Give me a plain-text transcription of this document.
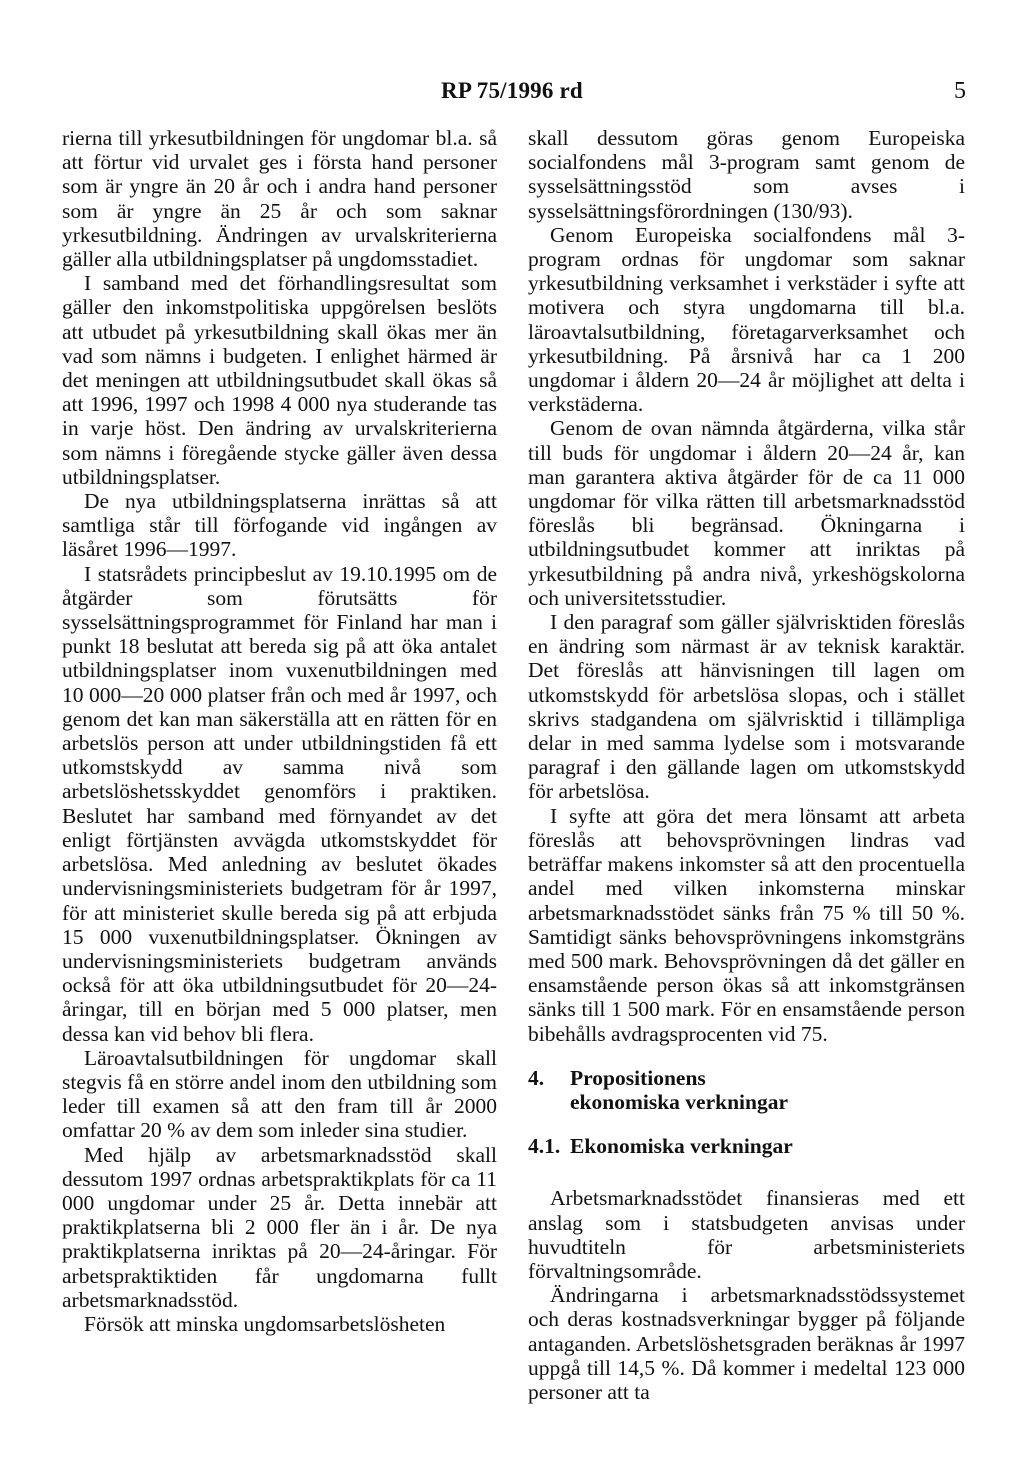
RP 75/1996 rd	5

rierna till yrkesutbildningen för ungdomar bl.a. så att förtur vid urvalet ges i första hand personer som är yngre än 20 år och i andra hand personer som är yngre än 25 år och som saknar yrkesutbildning. Ändringen av urvalskriterierna gäller alla utbildningsplatser på ungdomsstadiet.

I samband med det förhandlingsresultat som gäller den inkomstpolitiska uppgörelsen beslöts att utbudet på yrkesutbildning skall ökas mer än vad som nämns i budgeten. I enlighet härmed är det meningen att utbildningsutbudet skall ökas så att 1996, 1997 och 1998 4 000 nya studerande tas in varje höst. Den ändring av urvalskriterierna som nämns i föregående stycke gäller även dessa utbildningsplatser.

De nya utbildningsplatserna inrättas så att samtliga står till förfogande vid ingången av läsåret 1996—1997.

I statsrådets principbeslut av 19.10.1995 om de åtgärder som förutsätts för sysselsättningsprogrammet för Finland har man i punkt 18 beslutat att bereda sig på att öka antalet utbildningsplatser inom vuxenutbildningen med 10 000—20 000 platser från och med år 1997, och genom det kan man säkerställa att en rätten för en arbetslös person att under utbildningstiden få ett utkomstskydd av samma nivå som arbetslöshetsskyddet genomförs i praktiken. Beslutet har samband med förnyandet av det enligt förtjänsten avvägda utkomstskyddet för arbetslösa. Med anledning av beslutet ökades undervisningsministeriets budgetram för år 1997, för att ministeriet skulle bereda sig på att erbjuda 15 000 vuxenutbildningsplatser. Ökningen av undervisningsministeriets budgetram används också för att öka utbildningsutbudet för 20—24-åringar, till en början med 5 000 platser, men dessa kan vid behov bli flera.

Läroavtalsutbildningen för ungdomar skall stegvis få en större andel inom den utbildning som leder till examen så att den fram till år 2000 omfattar 20 % av dem som inleder sina studier.

Med hjälp av arbetsmarknadsstöd skall dessutom 1997 ordnas arbetspraktikplats för ca 11 000 ungdomar under 25 år. Detta innebär att praktikplatserna bli 2 000 fler än i år. De nya praktikplatserna inriktas på 20—24-åringar. För arbetspraktiktiden får ungdomarna fullt arbetsmarknadsstöd.

Försök att minska ungdomsarbetslösheten

skall dessutom göras genom Europeiska socialfondens mål 3-program samt genom de sysselsättningsstöd som avses i sysselsättningsförordningen (130/93).

Genom Europeiska socialfondens mål 3-program ordnas för ungdomar som saknar yrkesutbildning verksamhet i verkstäder i syfte att motivera och styra ungdomarna till bl.a. läroavtalsutbildning, företagarverksamhet och yrkesutbildning. På årsnivå har ca 1 200 ungdomar i åldern 20—24 år möjlighet att delta i verkstäderna.

Genom de ovan nämnda åtgärderna, vilka står till buds för ungdomar i åldern 20—24 år, kan man garantera aktiva åtgärder för de ca 11 000 ungdomar för vilka rätten till arbetsmarknadsstöd föreslås bli begränsad. Ökningarna i utbildningsutbudet kommer att inriktas på yrkesutbildning på andra nivå, yrkeshögskolorna och universitetsstudier.

I den paragraf som gäller självrisktiden föreslås en ändring som närmast är av teknisk karaktär. Det föreslås att hänvisningen till lagen om utkomstskydd för arbetslösa slopas, och i stället skrivs stadgandena om självrisktid i tillämpliga delar in med samma lydelse som i motsvarande paragraf i den gällande lagen om utkomstskydd för arbetslösa.

I syfte att göra det mera lönsamt att arbeta föreslås att behovsprövningen lindras vad beträffar makens inkomster så att den procentuella andel med vilken inkomsterna minskar arbetsmarknadsstödet sänks från 75 % till 50 %. Samtidigt sänks behovsprövningens inkomstgräns med 500 mark. Behovsprövningen då det gäller en ensamstående person ökas så att inkomstgränsen sänks till 1 500 mark. För en ensamstående person bibehålls avdragsprocenten vid 75.

4.	Propositionens ekonomiska verkningar

4.1. Ekonomiska verkningar

Arbetsmarknadsstödet finansieras med ett anslag som i statsbudgeten anvisas under huvudtiteln för arbetsministeriets förvaltningsområde.

Ändringarna i arbetsmarknadsstödssystemet och deras kostnadsverkningar bygger på följande antaganden. Arbetslöshetsgraden beräknas år 1997 uppgå till 14,5 %. Då kommer i medeltal 123 000 personer att ta
